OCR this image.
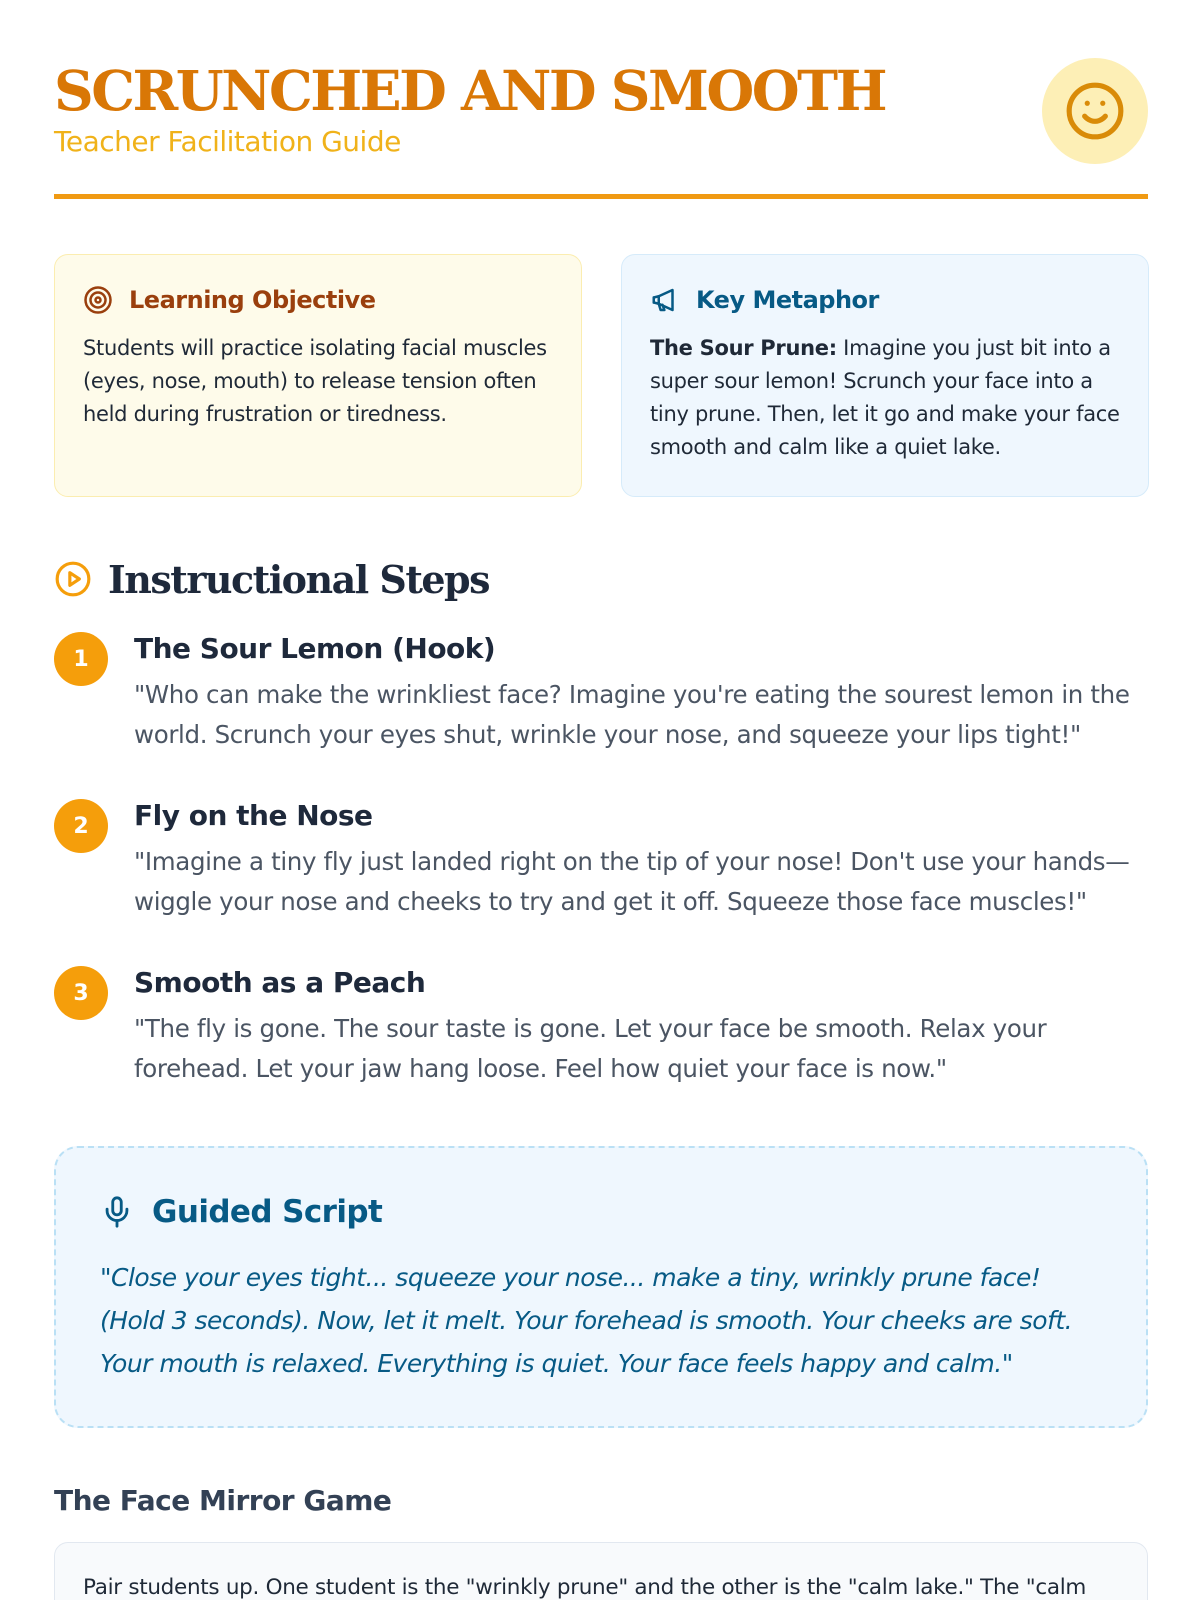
SCRUNCHED AND SMOOTH
Teacher Facilitation Guide
Learning Objective
Students will practice isolating facial muscles (eyes, nose, mouth) to release tension often held during frustration or tiredness.
Key Metaphor
The Sour Prune: Imagine you just bit into a super sour lemon! Scrunch your face into a tiny prune. Then, let it go and make your face smooth and calm like a quiet lake.
Instructional Steps
1	The Sour Lemon (Hook)
"Who can make the wrinkliest face? Imagine you're eating the sourest lemon in the world. Scrunch your eyes shut, wrinkle your nose, and squeeze your lips tight!"
2	Fly on the Nose
"Imagine a tiny fly just landed right on the tip of your nose! Don't use your hands—wiggle your nose and cheeks to try and get it off. Squeeze those face muscles!"
3	Smooth as a Peach
"The fly is gone. The sour taste is gone. Let your face be smooth. Relax your forehead. Let your jaw hang loose. Feel how quiet your face is now."
Guided Script
"Close your eyes tight... squeeze your nose... make a tiny, wrinkly prune face! (Hold 3 seconds). Now, let it melt. Your forehead is smooth. Your cheeks are soft. Your mouth is relaxed. Everything is quiet. Your face feels happy and calm."
The Face Mirror Game
Pair students up. One student is the "wrinkly prune" and the other is the "calm lake." The "calm
